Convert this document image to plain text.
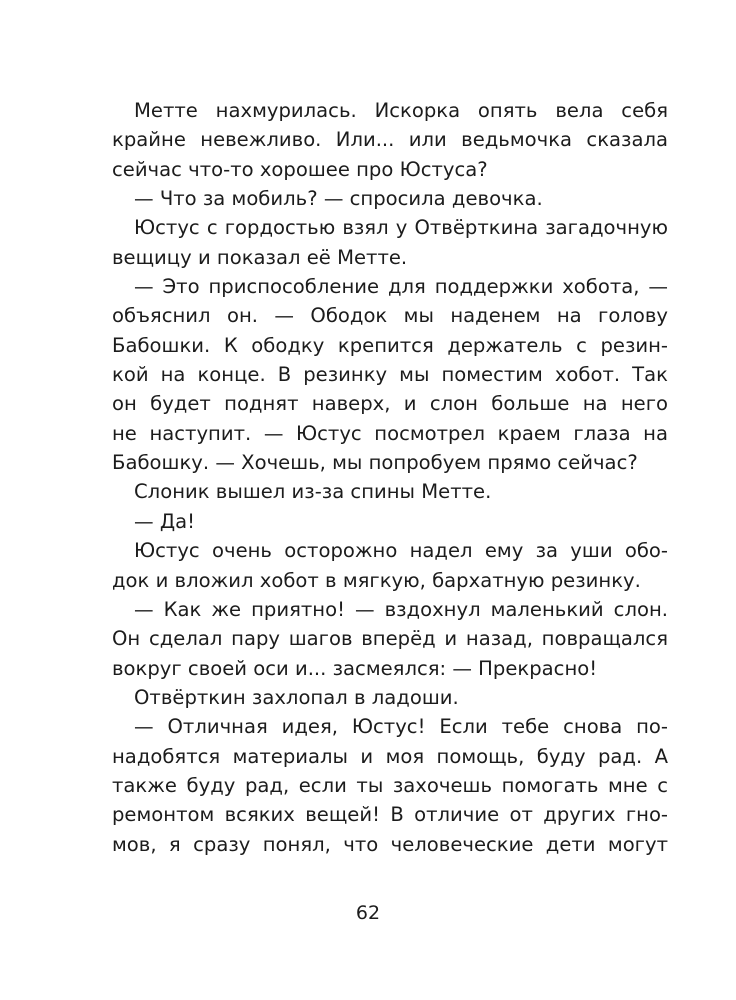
Метте нахмурилась. Искорка опять вела себя
крайне невежливо. Или... или ведьмочка сказала
сейчас что-то хорошее про Юстуса?
— Что за мобиль? — спросила девочка.
Юстус с гордостью взял у Отвёрткина загадочную
вещицу и показал её Метте.
— Это приспособление для поддержки хобота, —
объяснил он. — Ободок мы наденем на голову
Бабошки. К ободку крепится держатель с резин-
кой на конце. В резинку мы поместим хобот. Так
он будет поднят наверх, и слон больше на него
не наступит. — Юстус посмотрел краем глаза на
Бабошку. — Хочешь, мы попробуем прямо сейчас?
Слоник вышел из-за спины Метте.
— Да!
Юстус очень осторожно надел ему за уши обо-
док и вложил хобот в мягкую, бархатную резинку.
— Как же приятно! — вздохнул маленький слон.
Он сделал пару шагов вперёд и назад, повращался
вокруг своей оси и... засмеялся: — Прекрасно!
Отвёрткин захлопал в ладоши.
— Отличная идея, Юстус! Если тебе снова по-
надобятся материалы и моя помощь, буду рад. А
также буду рад, если ты захочешь помогать мне с
ремонтом всяких вещей! В отличие от других гно-
мов, я сразу понял, что человеческие дети могут
62
